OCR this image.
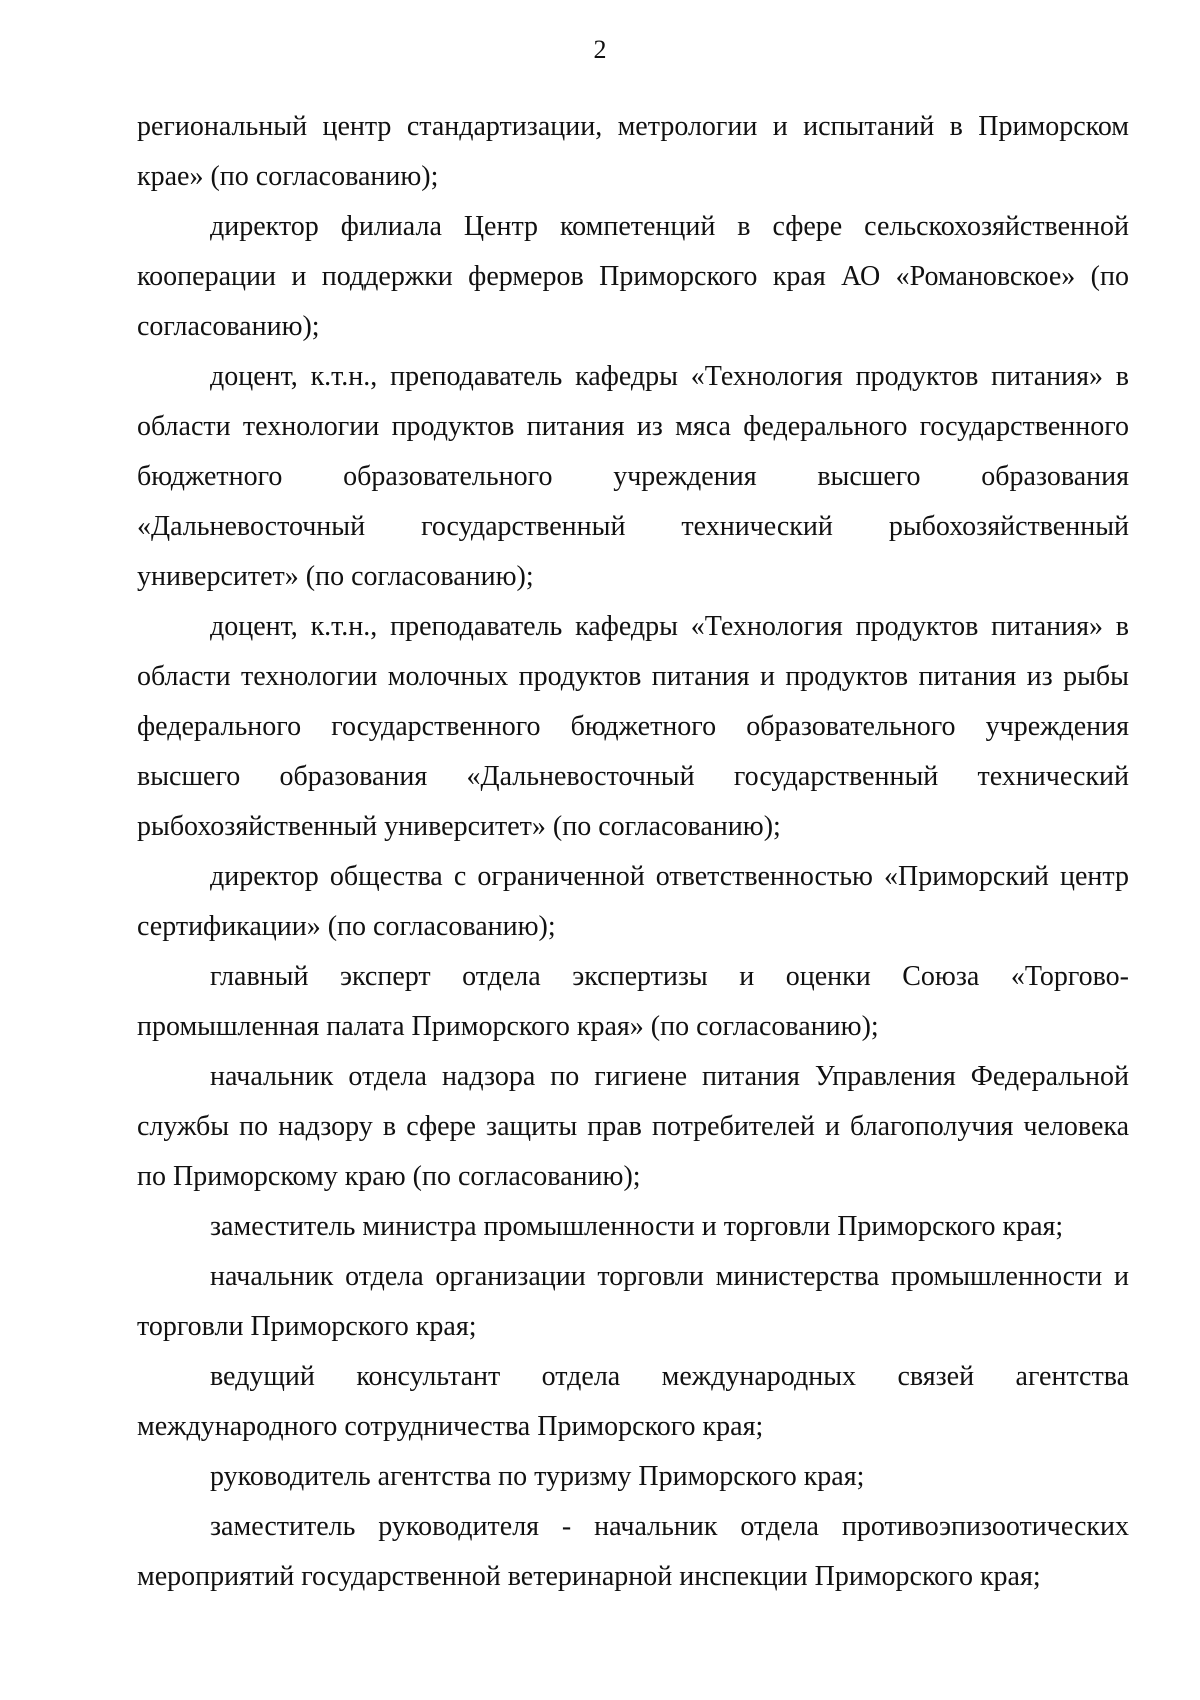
2

региональный центр стандартизации, метрологии и испытаний в Приморском крае» (по согласованию);

директор филиала Центр компетенций в сфере сельскохозяйственной кооперации и поддержки фермеров Приморского края АО «Романовское» (по согласованию);

доцент, к.т.н., преподаватель кафедры «Технология продуктов питания» в области технологии продуктов питания из мяса федерального государственного бюджетного образовательного учреждения высшего образования «Дальневосточный государственный технический рыбохозяйственный университет» (по согласованию);

доцент, к.т.н., преподаватель кафедры «Технология продуктов питания» в области технологии молочных продуктов питания и продуктов питания из рыбы федерального государственного бюджетного образовательного учреждения высшего образования «Дальневосточный государственный технический рыбохозяйственный университет» (по согласованию);

директор общества с ограниченной ответственностью «Приморский центр сертификации» (по согласованию);

главный эксперт отдела экспертизы и оценки Союза «Торгово-промышленная палата Приморского края» (по согласованию);

начальник отдела надзора по гигиене питания Управления Федеральной службы по надзору в сфере защиты прав потребителей и благополучия человека по Приморскому краю (по согласованию);

заместитель министра промышленности и торговли Приморского края;

начальник отдела организации торговли министерства промышленности и торговли Приморского края;

ведущий консультант отдела международных связей агентства международного сотрудничества Приморского края;

руководитель агентства по туризму Приморского края;

заместитель руководителя - начальник отдела противоэпизоотических мероприятий государственной ветеринарной инспекции Приморского края;
